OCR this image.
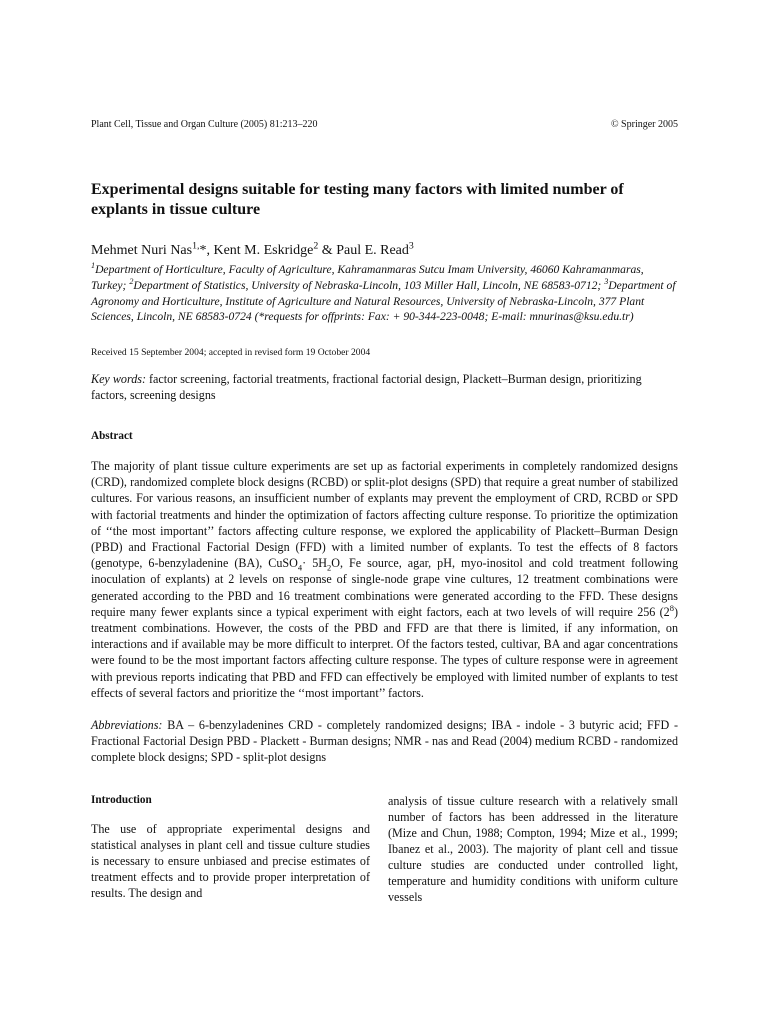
Plant Cell, Tissue and Organ Culture (2005) 81:213–220	© Springer 2005
Experimental designs suitable for testing many factors with limited number of explants in tissue culture
Mehmet Nuri Nas$^{1,}$*, Kent M. Eskridge$^2$ & Paul E. Read$^3$

$^1$Department of Horticulture, Faculty of Agriculture, Kahramanmaras Sutcu Imam University, 46060 Kahramanmaras, Turkey; $^2$Department of Statistics, University of Nebraska-Lincoln, 103 Miller Hall, Lincoln, NE 68583-0712; $^3$Department of Agronomy and Horticulture, Institute of Agriculture and Natural Resources, University of Nebraska-Lincoln, 377 Plant Sciences, Lincoln, NE 68583-0724 (*requests for offprints: Fax: + 90-344-223-0048; E-mail: mnurinas@ksu.edu.tr)

Received 15 September 2004; accepted in revised form 19 October 2004

Key words: factor screening, factorial treatments, fractional factorial design, Plackett–Burman design, prioritizing factors, screening designs

Abstract

The majority of plant tissue culture experiments are set up as factorial experiments in completely randomized designs (CRD), randomized complete block designs (RCBD) or split-plot designs (SPD) that require a great number of stabilized cultures. For various reasons, an insufficient number of explants may prevent the employment of CRD, RCBD or SPD with factorial treatments and hinder the optimization of factors affecting culture response. To prioritize the optimization of ‘‘the most important’’ factors affecting culture response, we explored the applicability of Plackett–Burman Design (PBD) and Fractional Factorial Design (FFD) with a limited number of explants. To test the effects of 8 factors (genotype, 6-benzyladenine (BA), CuSO$_4$· $5H_2O$, Fe source, agar, pH, myo-inositol and cold treatment following inoculation of explants) at 2 levels on response of single-node grape vine cultures, 12 treatment combinations were generated according to the PBD and 16 treatment combinations were generated according to the FFD. These designs require many fewer explants since a typical experiment with eight factors, each at two levels of will require 256 $(2^8)$ treatment combinations. However, the costs of the PBD and FFD are that there is limited, if any information, on interactions and if available may be more difficult to interpret. Of the factors tested, cultivar, BA and agar concentrations were found to be the most important factors affecting culture response. The types of culture response were in agreement with previous reports indicating that PBD and FFD can effectively be employed with limited number of explants to test effects of several factors and prioritize the ‘‘most important’’ factors.

Abbreviations: BA – 6-benzyladenines CRD - completely randomized designs; IBA - indole - 3 butyric acid; FFD - Fractional Factorial Design PBD - Plackett - Burman designs; NMR - nas and Read (2004) medium RCBD - randomized complete block designs; SPD - split-plot designs

Introduction

The use of appropriate experimental designs and statistical analyses in plant cell and tissue culture studies is necessary to ensure unbiased and precise estimates of treatment effects and to provide proper interpretation of results. The design and

analysis of tissue culture research with a relatively small number of factors has been addressed in the literature (Mize and Chun, 1988; Compton, 1994; Mize et al., 1999; Ibanez et al., 2003). The majority of plant cell and tissue culture studies are conducted under controlled light, temperature and humidity conditions with uniform culture vessels
